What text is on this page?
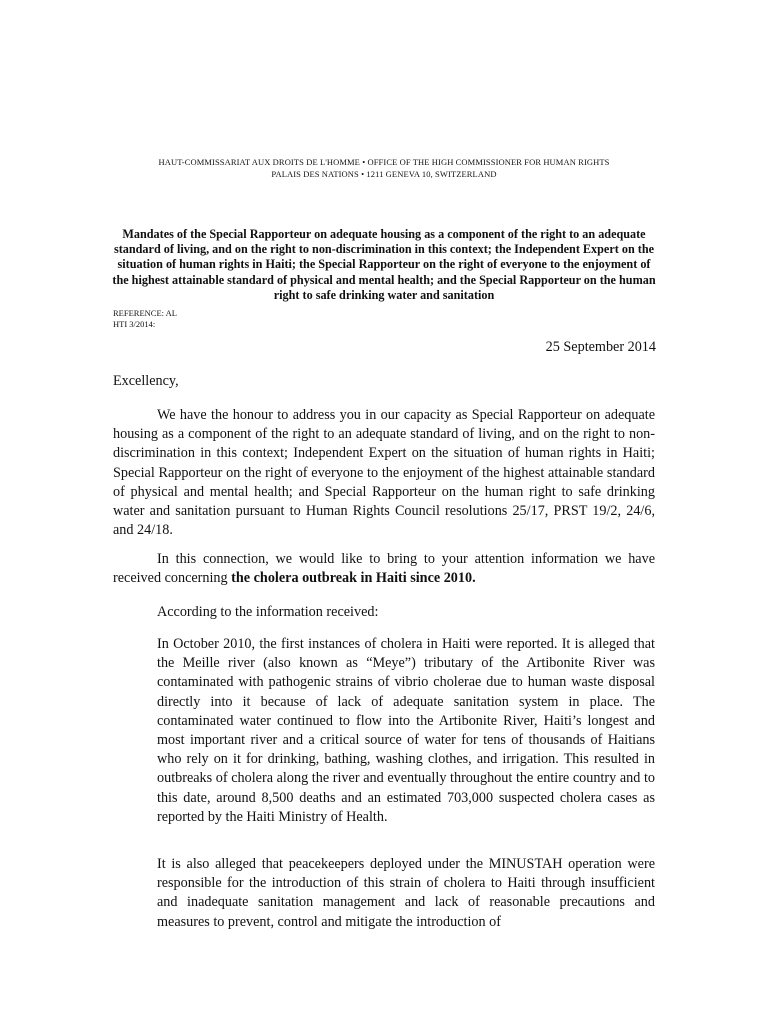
HAUT-COMMISSARIAT AUX DROITS DE L'HOMME • OFFICE OF THE HIGH COMMISSIONER FOR HUMAN RIGHTS
PALAIS DES NATIONS • 1211 GENEVA 10, SWITZERLAND
Mandates of the Special Rapporteur on adequate housing as a component of the right to an adequate standard of living, and on the right to non-discrimination in this context; the Independent Expert on the situation of human rights in Haiti; the Special Rapporteur on the right of everyone to the enjoyment of the highest attainable standard of physical and mental health; and the Special Rapporteur on the human right to safe drinking water and sanitation
REFERENCE: AL
HTI 3/2014:
25 September 2014
Excellency,
We have the honour to address you in our capacity as Special Rapporteur on adequate housing as a component of the right to an adequate standard of living, and on the right to non-discrimination in this context; Independent Expert on the situation of human rights in Haiti; Special Rapporteur on the right of everyone to the enjoyment of the highest attainable standard of physical and mental health; and Special Rapporteur on the human right to safe drinking water and sanitation pursuant to Human Rights Council resolutions 25/17, PRST 19/2, 24/6, and 24/18.
In this connection, we would like to bring to your attention information we have received concerning the cholera outbreak in Haiti since 2010.
According to the information received:
In October 2010, the first instances of cholera in Haiti were reported. It is alleged that the Meille river (also known as “Meye”) tributary of the Artibonite River was contaminated with pathogenic strains of vibrio cholerae due to human waste disposal directly into it because of lack of adequate sanitation system in place. The contaminated water continued to flow into the Artibonite River, Haiti’s longest and most important river and a critical source of water for tens of thousands of Haitians who rely on it for drinking, bathing, washing clothes, and irrigation. This resulted in outbreaks of cholera along the river and eventually throughout the entire country and to this date, around 8,500 deaths and an estimated 703,000 suspected cholera cases as reported by the Haiti Ministry of Health.
It is also alleged that peacekeepers deployed under the MINUSTAH operation were responsible for the introduction of this strain of cholera to Haiti through insufficient and inadequate sanitation management and lack of reasonable precautions and measures to prevent, control and mitigate the introduction of
